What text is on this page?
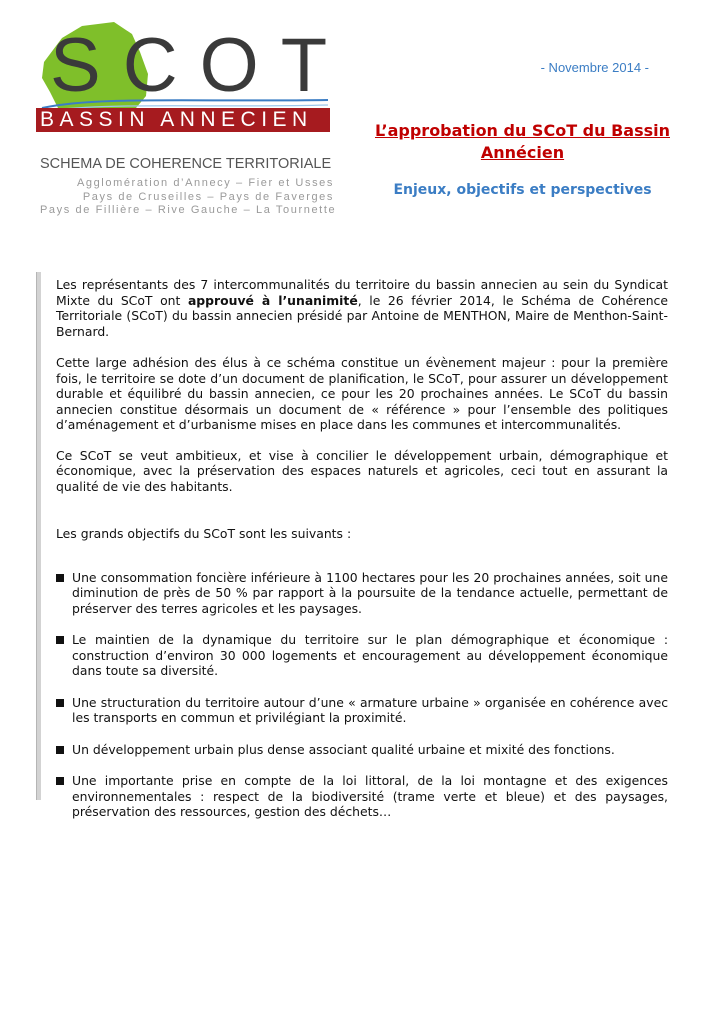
SCOT
BASSIN ANNECIEN
SCHEMA DE COHERENCE TERRITORIALE
Agglomération d’Annecy – Fier et Usses
Pays de Cruseilles – Pays de Faverges
Pays de Fillière – Rive Gauche – La Tournette
- Novembre 2014 -
L’approbation du SCoT du Bassin Annécien
Enjeux, objectifs et perspectives

Les représentants des 7 intercommunalités du territoire du bassin annecien au sein du Syndicat Mixte du SCoT ont approuvé à l’unanimité, le 26 février 2014, le Schéma de Cohérence Territoriale (SCoT) du bassin annecien présidé par Antoine de MENTHON, Maire de Menthon-Saint-Bernard.

Cette large adhésion des élus à ce schéma constitue un évènement majeur : pour la première fois, le territoire se dote d’un document de planification, le SCoT, pour assurer un développement durable et équilibré du bassin annecien, ce pour les 20 prochaines années. Le SCoT du bassin annecien constitue désormais un document de « référence » pour l’ensemble des politiques d’aménagement et d’urbanisme mises en place dans les communes et intercommunalités.

Ce SCoT se veut ambitieux, et vise à concilier le développement urbain, démographique et économique, avec la préservation des espaces naturels et agricoles, ceci tout en assurant la qualité de vie des habitants.

Les grands objectifs du SCoT sont les suivants :

Une consommation foncière inférieure à 1100 hectares pour les 20 prochaines années, soit une diminution de près de 50 % par rapport à la poursuite de la tendance actuelle, permettant de préserver des terres agricoles et les paysages.
Le maintien de la dynamique du territoire sur le plan démographique et économique : construction d’environ 30 000 logements et encouragement au développement économique dans toute sa diversité.
Une structuration du territoire autour d’une « armature urbaine » organisée en cohérence avec les transports en commun et privilégiant la proximité.
Un développement urbain plus dense associant qualité urbaine et mixité des fonctions.
Une importante prise en compte de la loi littoral, de la loi montagne et des exigences environnementales : respect de la biodiversité (trame verte et bleue) et des paysages, préservation des ressources, gestion des déchets…
